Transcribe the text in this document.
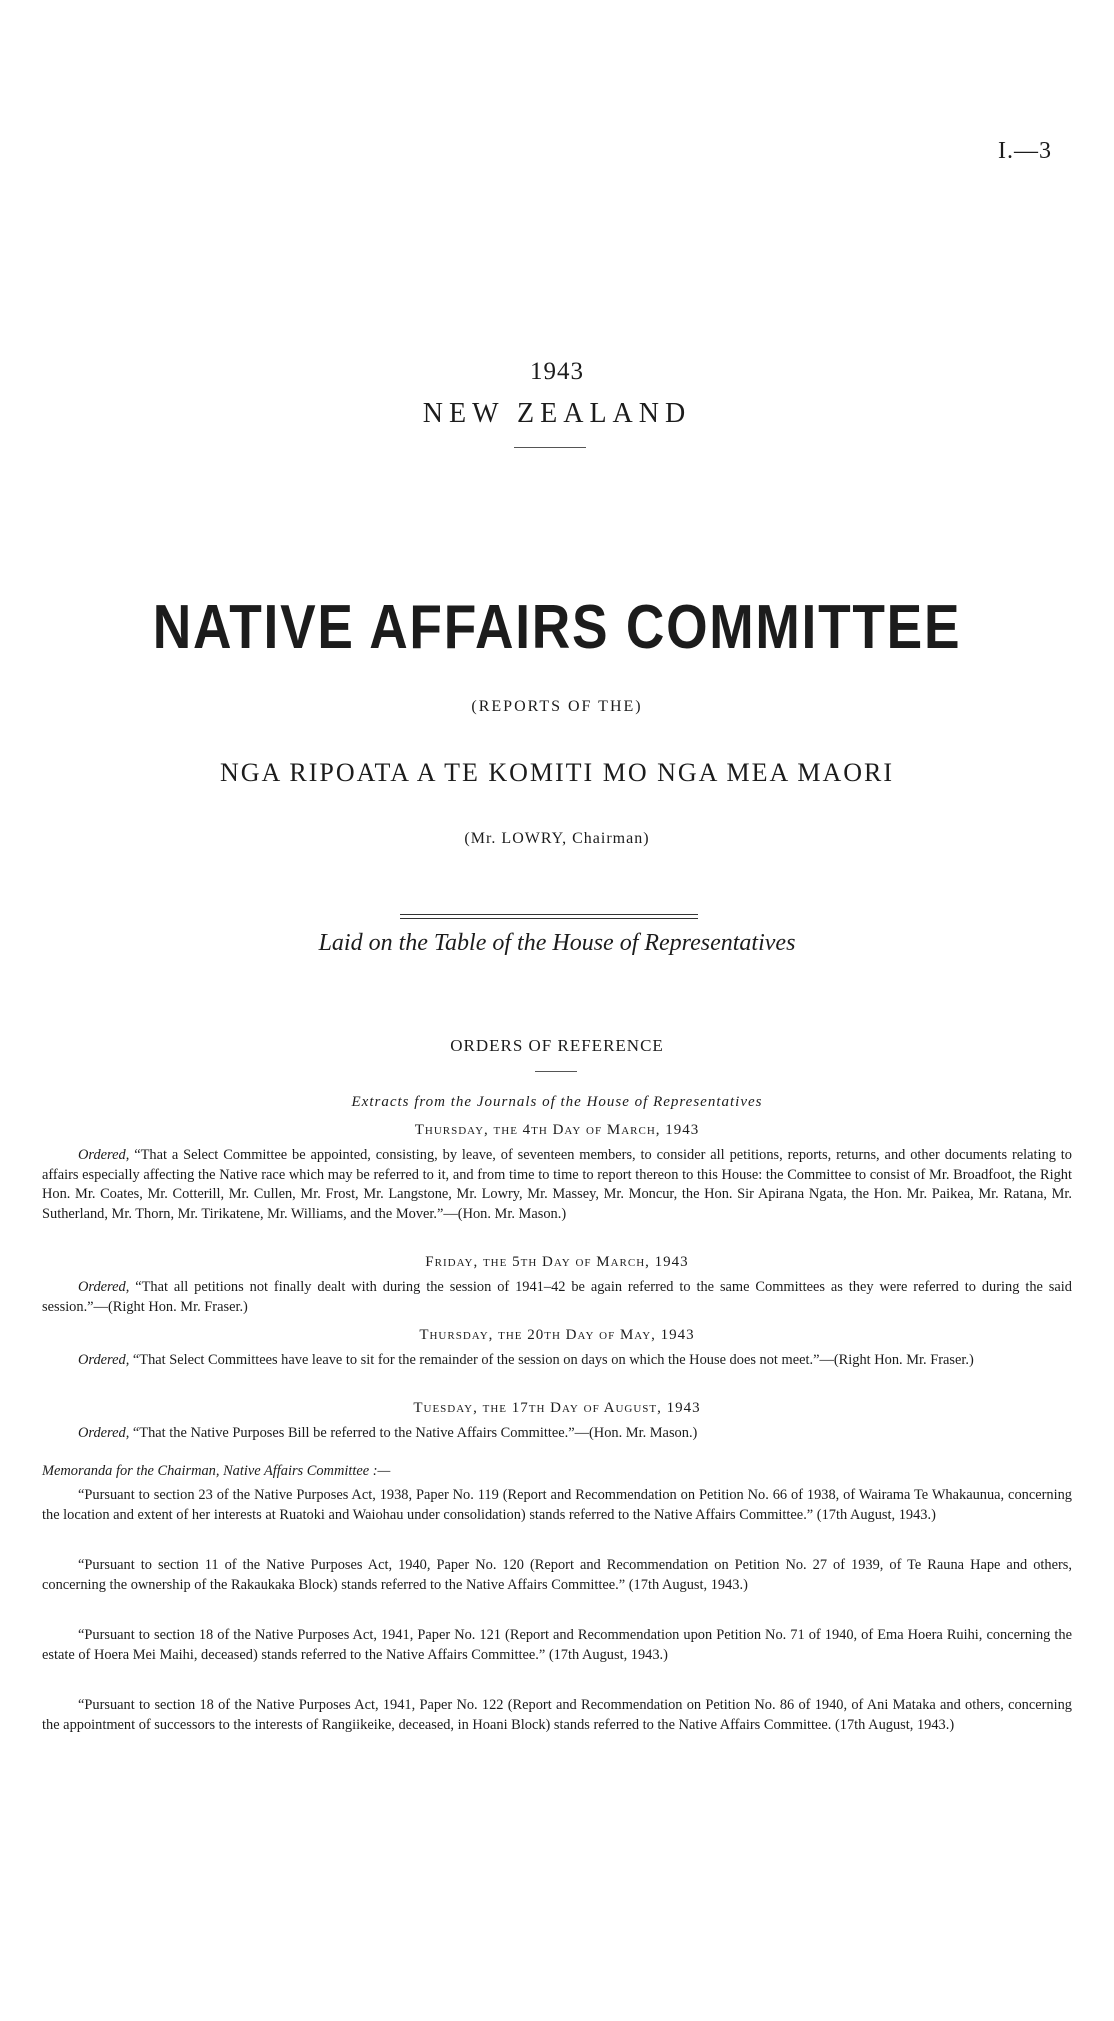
I.—3
1943
NEW ZEALAND
NATIVE AFFAIRS COMMITTEE
(REPORTS OF THE)
NGA RIPOATA A TE KOMITI MO NGA MEA MAORI
(Mr. LOWRY, Chairman)
Laid on the Table of the House of Representatives
ORDERS OF REFERENCE
Extracts from the Journals of the House of Representatives
Thursday, the 4th Day of March, 1943

Ordered, “That a Select Committee be appointed, consisting, by leave, of seventeen members, to consider all petitions, reports, returns, and other documents relating to affairs especially affecting the Native race which may be referred to it, and from time to time to report thereon to this House: the Committee to consist of Mr. Broadfoot, the Right Hon. Mr. Coates, Mr. Cotterill, Mr. Cullen, Mr. Frost, Mr. Langstone, Mr. Lowry, Mr. Massey, Mr. Moncur, the Hon. Sir Apirana Ngata, the Hon. Mr. Paikea, Mr. Ratana, Mr. Sutherland, Mr. Thorn, Mr. Tirikatene, Mr. Williams, and the Mover.”—(Hon. Mr. Mason.)

Friday, the 5th Day of March, 1943

Ordered, “That all petitions not finally dealt with during the session of 1941–42 be again referred to the same Committees as they were referred to during the said session.”—(Right Hon. Mr. Fraser.)

Thursday, the 20th Day of May, 1943

Ordered, “That Select Committees have leave to sit for the remainder of the session on days on which the House does not meet.”—(Right Hon. Mr. Fraser.)

Tuesday, the 17th Day of August, 1943

Ordered, “That the Native Purposes Bill be referred to the Native Affairs Committee.”—(Hon. Mr. Mason.)

Memoranda for the Chairman, Native Affairs Committee :—

“Pursuant to section 23 of the Native Purposes Act, 1938, Paper No. 119 (Report and Recommendation on Petition No. 66 of 1938, of Wairama Te Whakaunua, concerning the location and extent of her interests at Ruatoki and Waiohau under consolidation) stands referred to the Native Affairs Committee.” (17th August, 1943.)

“Pursuant to section 11 of the Native Purposes Act, 1940, Paper No. 120 (Report and Recommendation on Petition No. 27 of 1939, of Te Rauna Hape and others, concerning the ownership of the Rakaukaka Block) stands referred to the Native Affairs Committee.” (17th August, 1943.)

“Pursuant to section 18 of the Native Purposes Act, 1941, Paper No. 121 (Report and Recommendation upon Petition No. 71 of 1940, of Ema Hoera Ruihi, concerning the estate of Hoera Mei Maihi, deceased) stands referred to the Native Affairs Committee.” (17th August, 1943.)

“Pursuant to section 18 of the Native Purposes Act, 1941, Paper No. 122 (Report and Recommendation on Petition No. 86 of 1940, of Ani Mataka and others, concerning the appointment of successors to the interests of Rangiikeike, deceased, in Hoani Block) stands referred to the Native Affairs Committee. (17th August, 1943.)
